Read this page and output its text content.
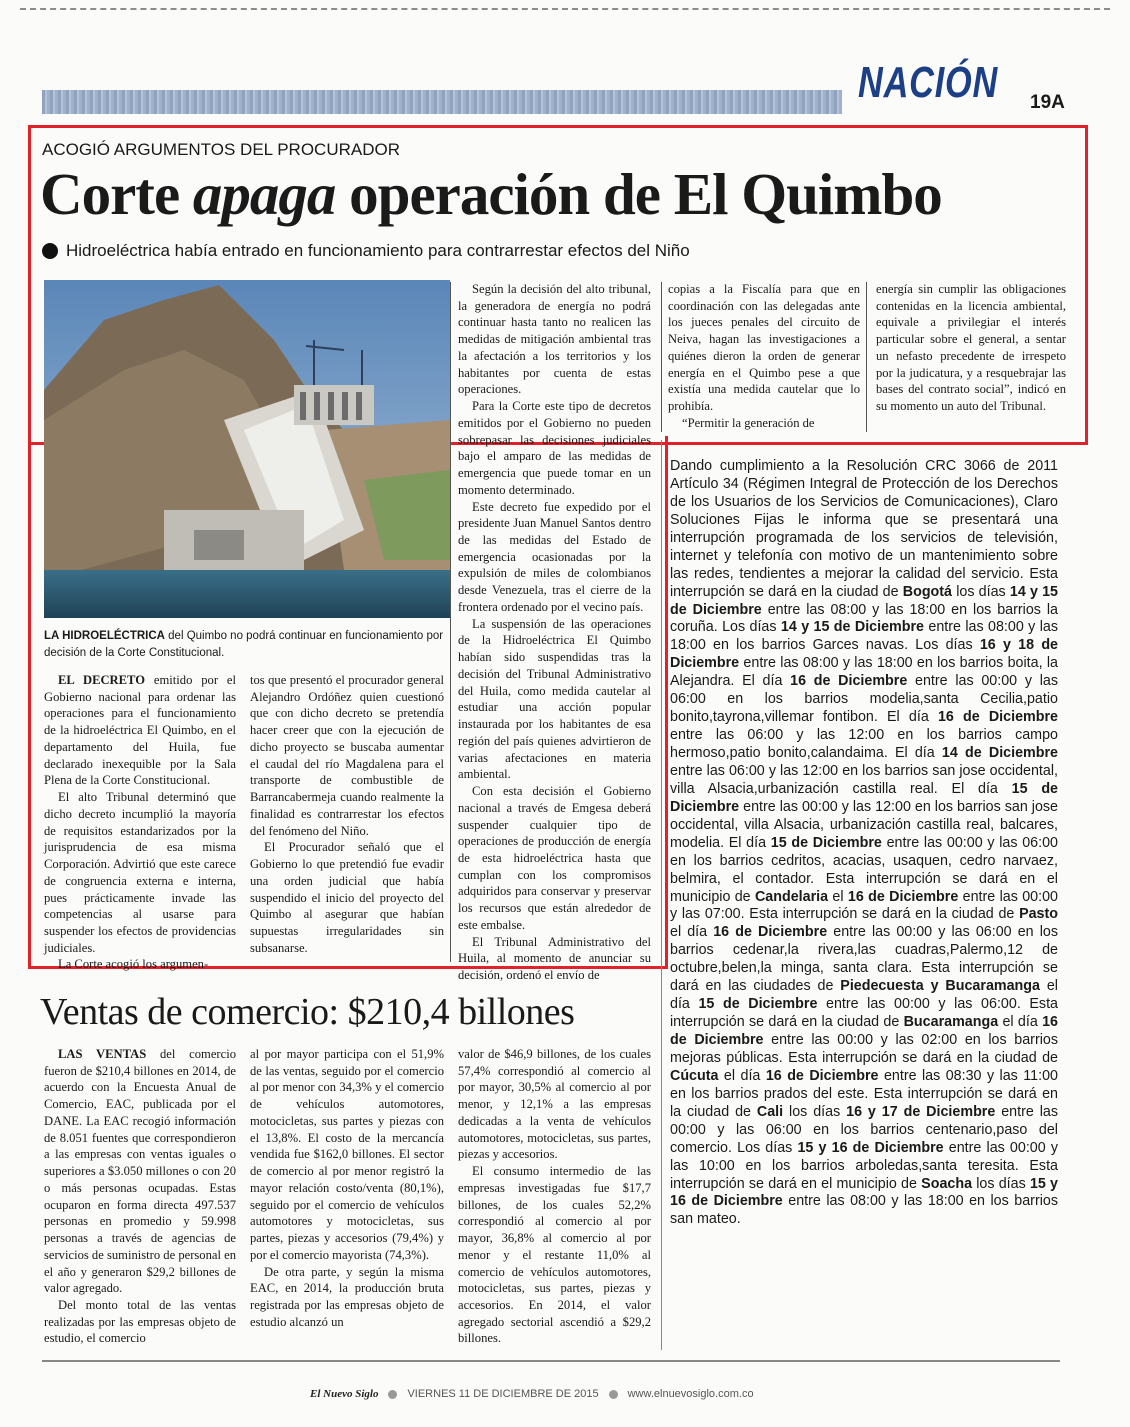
NACIÓN 19A
ACOGIÓ ARGUMENTOS DEL PROCURADOR
Corte apaga operación de El Quimbo
Hidroeléctrica había entrado en funcionamiento para contrarrestar efectos del Niño
LA HIDROELÉCTRICA del Quimbo no podrá continuar en funcionamiento por decisión de la Corte Constitucional.

EL DECRETO emitido por el Gobierno nacional para ordenar las operaciones para el funcionamiento de la hidroeléctrica El Quimbo, en el departamento del Huila, fue declarado inexequible por la Sala Plena de la Corte Constitucional.

El alto Tribunal determinó que dicho decreto incumplió la mayoría de requisitos estandarizados por la jurisprudencia de esa misma Corporación. Advirtió que este carece de congruencia externa e interna, pues prácticamente invade las competencias al usarse para suspender los efectos de providencias judiciales.

La Corte acogió los argumen-

tos que presentó el procurador general Alejandro Ordóñez quien cuestionó que con dicho decreto se pretendía hacer creer que con la ejecución de dicho proyecto se buscaba aumentar el caudal del río Magdalena para el transporte de combustible de Barrancabermeja cuando realmente la finalidad es contrarrestar los efectos del fenómeno del Niño.

El Procurador señaló que el Gobierno lo que pretendió fue evadir una orden judicial que había suspendido el inicio del proyecto del Quimbo al asegurar que habían supuestas irregularidades sin subsanarse.

Según la decisión del alto tribunal, la generadora de energía no podrá continuar hasta tanto no realicen las medidas de mitigación ambiental tras la afectación a los territorios y los habitantes por cuenta de estas operaciones.

Para la Corte este tipo de decretos emitidos por el Gobierno no pueden sobrepasar las decisiones judiciales bajo el amparo de las medidas de emergencia que puede tomar en un momento determinado.

Este decreto fue expedido por el presidente Juan Manuel Santos dentro de las medidas del Estado de emergencia ocasionadas por la expulsión de miles de colombianos desde Venezuela, tras el cierre de la frontera ordenado por el vecino país.

La suspensión de las operaciones de la Hidroeléctrica El Quimbo habían sido suspendidas tras la decisión del Tribunal Administrativo del Huila, como medida cautelar al estudiar una acción popular instaurada por los habitantes de esa región del país quienes advirtieron de varias afectaciones en materia ambiental.

Con esta decisión el Gobierno nacional a través de Emgesa deberá suspender cualquier tipo de operaciones de producción de energía de esta hidroeléctrica hasta que cumplan con los compromisos adquiridos para conservar y preservar los recursos que están alrededor de este embalse.

El Tribunal Administrativo del Huila, al momento de anunciar su decisión, ordenó el envío de

copias a la Fiscalía para que en coordinación con las delegadas ante los jueces penales del circuito de Neiva, hagan las investigaciones a quiénes dieron la orden de generar energía en el Quimbo pese a que existía una medida cautelar que lo prohibía.

“Permitir la generación de

energía sin cumplir las obligaciones contenidas en la licencia ambiental, equivale a privilegiar el interés particular sobre el general, a sentar un nefasto precedente de irrespeto por la judicatura, y a resquebrajar las bases del contrato social”, indicó en su momento un auto del Tribunal.

Dando cumplimiento a la Resolución CRC 3066 de 2011 Artículo 34 (Régimen Integral de Protección de los Derechos de los Usuarios de los Servicios de Comunicaciones), Claro Soluciones Fijas le informa que se presentará una interrupción programada de los servicios de televisión, internet y telefonía con motivo de un mantenimiento sobre las redes, tendientes a mejorar la calidad del servicio. Esta interrupción se dará en la ciudad de Bogotá los días 14 y 15 de Diciembre entre las 08:00 y las 18:00 en los barrios la coruña. Los días 14 y 15 de Diciembre entre las 08:00 y las 18:00 en los barrios Garces navas. Los días 16 y 18 de Diciembre entre las 08:00 y las 18:00 en los barrios boita, la Alejandra. El día 16 de Diciembre entre las 00:00 y las 06:00 en los barrios modelia,santa Cecilia,patio bonito,tayrona,villemar fontibon. El día 16 de Diciembre entre las 06:00 y las 12:00 en los barrios campo hermoso,patio bonito,calandaima. El día 14 de Diciembre entre las 06:00 y las 12:00 en los barrios san jose occidental, villa Alsacia,urbanización castilla real. El día 15 de Diciembre entre las 00:00 y las 12:00 en los barrios san jose occidental, villa Alsacia, urbanización castilla real, balcares, modelia. El día 15 de Diciembre entre las 00:00 y las 06:00 en los barrios cedritos, acacias, usaquen, cedro narvaez, belmira, el contador. Esta interrupción se dará en el municipio de Candelaria el 16 de Diciembre entre las 00:00 y las 07:00. Esta interrupción se dará en la ciudad de Pasto el día 16 de Diciembre entre las 00:00 y las 06:00 en los barrios cedenar,la rivera,las cuadras,Palermo,12 de octubre,belen,la minga, santa clara. Esta interrupción se dará en las ciudades de Piedecuesta y Bucaramanga el día 15 de Diciembre entre las 00:00 y las 06:00. Esta interrupción se dará en la ciudad de Bucaramanga el día 16 de Diciembre entre las 00:00 y las 02:00 en los barrios mejoras públicas. Esta interrupción se dará en la ciudad de Cúcuta el día 16 de Diciembre entre las 08:30 y las 11:00 en los barrios prados del este. Esta interrupción se dará en la ciudad de Cali los días 16 y 17 de Diciembre entre las 00:00 y las 06:00 en los barrios centenario,paso del comercio. Los días 15 y 16 de Diciembre entre las 00:00 y las 10:00 en los barrios arboledas,santa teresita. Esta interrupción se dará en el municipio de Soacha los días 15 y 16 de Diciembre entre las 08:00 y las 18:00 en los barrios san mateo.
Ventas de comercio: $210,4 billones

LAS VENTAS del comercio fueron de $210,4 billones en 2014, de acuerdo con la Encuesta Anual de Comercio, EAC, publicada por el DANE. La EAC recogió información de 8.051 fuentes que correspondieron a las empresas con ventas iguales o superiores a $3.050 millones o con 20 o más personas ocupadas. Estas ocuparon en forma directa 497.537 personas en promedio y 59.998 personas a través de agencias de servicios de suministro de personal en el año y generaron $29,2 billones de valor agregado.

Del monto total de las ventas realizadas por las empresas objeto de estudio, el comercio

al por mayor participa con el 51,9% de las ventas, seguido por el comercio al por menor con 34,3% y el comercio de vehículos automotores, motocicletas, sus partes y piezas con el 13,8%. El costo de la mercancía vendida fue $162,0 billones. El sector de comercio al por menor registró la mayor relación costo/venta (80,1%), seguido por el comercio de vehículos automotores y motocicletas, sus partes, piezas y accesorios (79,4%) y por el comercio mayorista (74,3%).

De otra parte, y según la misma EAC, en 2014, la producción bruta registrada por las empresas objeto de estudio alcanzó un

valor de $46,9 billones, de los cuales 57,4% correspondió al comercio al por mayor, 30,5% al comercio al por menor, y 12,1% a las empresas dedicadas a la venta de vehículos automotores, motocicletas, sus partes, piezas y accesorios.

El consumo intermedio de las empresas investigadas fue $17,7 billones, de los cuales 52,2% correspondió al comercio al por mayor, 36,8% al comercio al por menor y el restante 11,0% al comercio de vehículos automotores, motocicletas, sus partes, piezas y accesorios. En 2014, el valor agregado sectorial ascendió a $29,2 billones.

El Nuevo Siglo	VIERNES 11 DE DICIEMBRE DE 2015	www.elnuevosiglo.com.co
